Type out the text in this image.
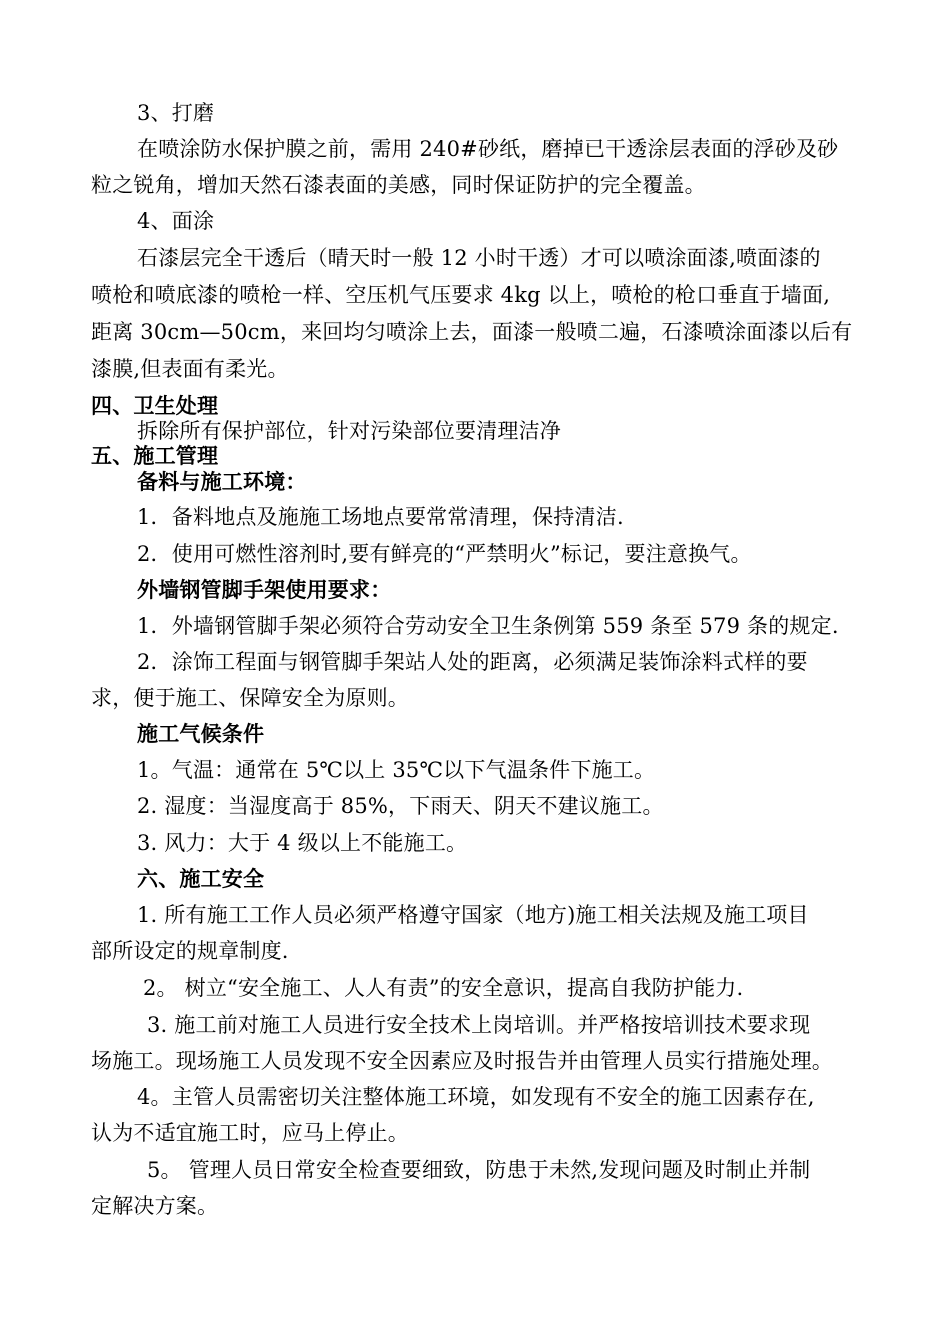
3、打磨
在喷涂防水保护膜之前，需用 240#砂纸，磨掉已干透涂层表面的浮砂及砂
粒之锐角，增加天然石漆表面的美感，同时保证防护的完全覆盖。
4、面涂
石漆层完全干透后（晴天时一般 12 小时干透）才可以喷涂面漆,喷面漆的
喷枪和喷底漆的喷枪一样、空压机气压要求 4kg 以上，喷枪的枪口垂直于墙面,
距离 30cm—50cm，来回均匀喷涂上去，面漆一般喷二遍，石漆喷涂面漆以后有
漆膜,但表面有柔光。
四、卫生处理
拆除所有保护部位，针对污染部位要清理洁净
五、施工管理
备料与施工环境：
1．备料地点及施施工场地点要常常清理，保持清洁.
2．使用可燃性溶剂时,要有鲜亮的“严禁明火”标记，要注意换气。
外墙钢管脚手架使用要求：
1．外墙钢管脚手架必须符合劳动安全卫生条例第 559 条至 579 条的规定.
2．涂饰工程面与钢管脚手架站人处的距离，必须满足装饰涂料式样的要
求，便于施工、保障安全为原则。
施工气候条件
1。气温：通常在 5℃以上 35℃以下气温条件下施工。
2. 湿度：当湿度高于 85%，下雨天、阴天不建议施工。
3. 风力：大于 4 级以上不能施工。
六、施工安全
1. 所有施工工作人员必须严格遵守国家（地方)施工相关法规及施工项目
部所设定的规章制度.
2。 树立“安全施工、人人有责”的安全意识，提高自我防护能力.
3. 施工前对施工人员进行安全技术上岗培训。并严格按培训技术要求现
场施工。现场施工人员发现不安全因素应及时报告并由管理人员实行措施处理。
4。主管人员需密切关注整体施工环境，如发现有不安全的施工因素存在,
认为不适宜施工时，应马上停止。
5。 管理人员日常安全检查要细致，防患于未然,发现问题及时制止并制
定解决方案。
